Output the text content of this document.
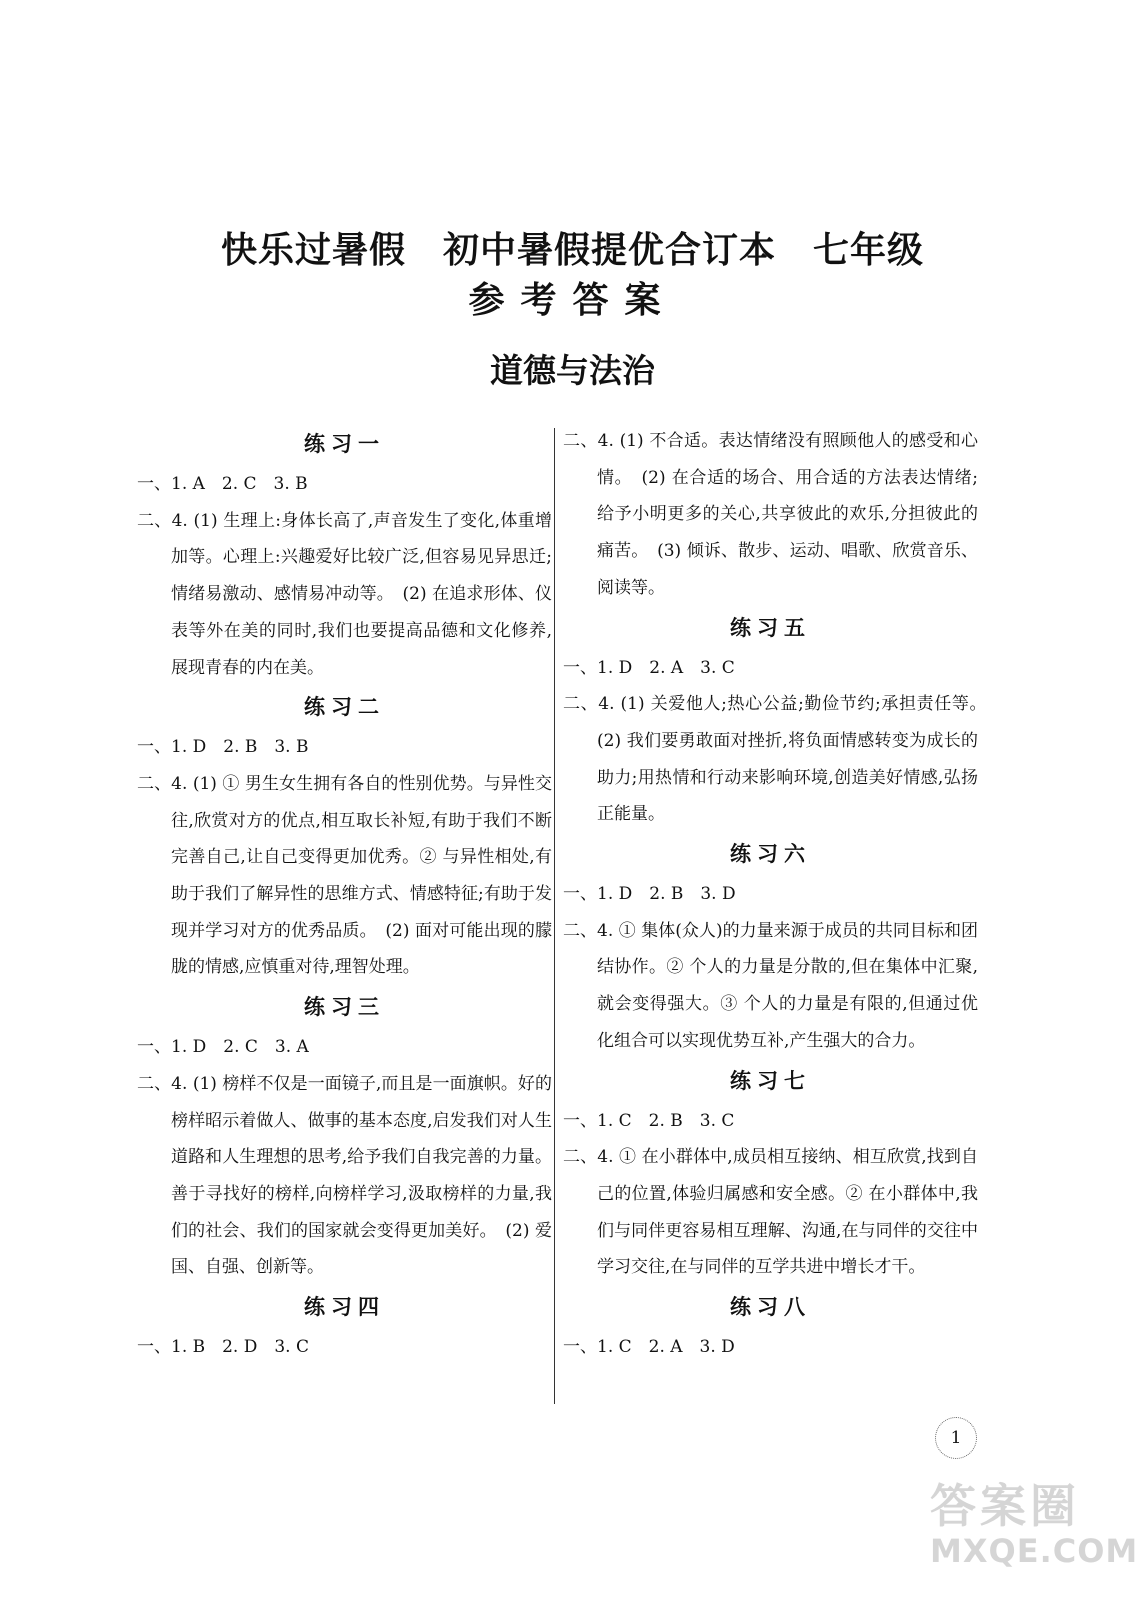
快乐过暑假　初中暑假提优合订本　七年级
参考答案
道德与法治
练习一
一、1. A　2. C　3. B
二、4. (1) 生理上:身体长高了,声音发生了变化,体重增加等。心理上:兴趣爱好比较广泛,但容易见异思迁;情绪易激动、感情易冲动等。　(2) 在追求形体、仪表等外在美的同时,我们也要提高品德和文化修养,展现青春的内在美。
练习二
一、1. D　2. B　3. B
二、4. (1) ① 男生女生拥有各自的性别优势。与异性交往,欣赏对方的优点,相互取长补短,有助于我们不断完善自己,让自己变得更加优秀。② 与异性相处,有助于我们了解异性的思维方式、情感特征;有助于发现并学习对方的优秀品质。　(2) 面对可能出现的朦胧的情感,应慎重对待,理智处理。
练习三
一、1. D　2. C　3. A
二、4. (1) 榜样不仅是一面镜子,而且是一面旗帜。好的榜样昭示着做人、做事的基本态度,启发我们对人生道路和人生理想的思考,给予我们自我完善的力量。善于寻找好的榜样,向榜样学习,汲取榜样的力量,我们的社会、我们的国家就会变得更加美好。　(2) 爱国、自强、创新等。
练习四
一、1. B　2. D　3. C
二、4. (1) 不合适。表达情绪没有照顾他人的感受和心情。　(2) 在合适的场合、用合适的方法表达情绪;给予小明更多的关心,共享彼此的欢乐,分担彼此的痛苦。　(3) 倾诉、散步、运动、唱歌、欣赏音乐、阅读等。
练习五
一、1. D　2. A　3. C
二、4. (1) 关爱他人;热心公益;勤俭节约;承担责任等。　(2) 我们要勇敢面对挫折,将负面情感转变为成长的助力;用热情和行动来影响环境,创造美好情感,弘扬正能量。
练习六
一、1. D　2. B　3. D
二、4. ① 集体(众人)的力量来源于成员的共同目标和团结协作。② 个人的力量是分散的,但在集体中汇聚,就会变得强大。③ 个人的力量是有限的,但通过优化组合可以实现优势互补,产生强大的合力。
练习七
一、1. C　2. B　3. C
二、4. ① 在小群体中,成员相互接纳、相互欣赏,找到自己的位置,体验归属感和安全感。② 在小群体中,我们与同伴更容易相互理解、沟通,在与同伴的交往中学习交往,在与同伴的互学共进中增长才干。
练习八
一、1. C　2. A　3. D
1
答案圈
MXQE.COM
